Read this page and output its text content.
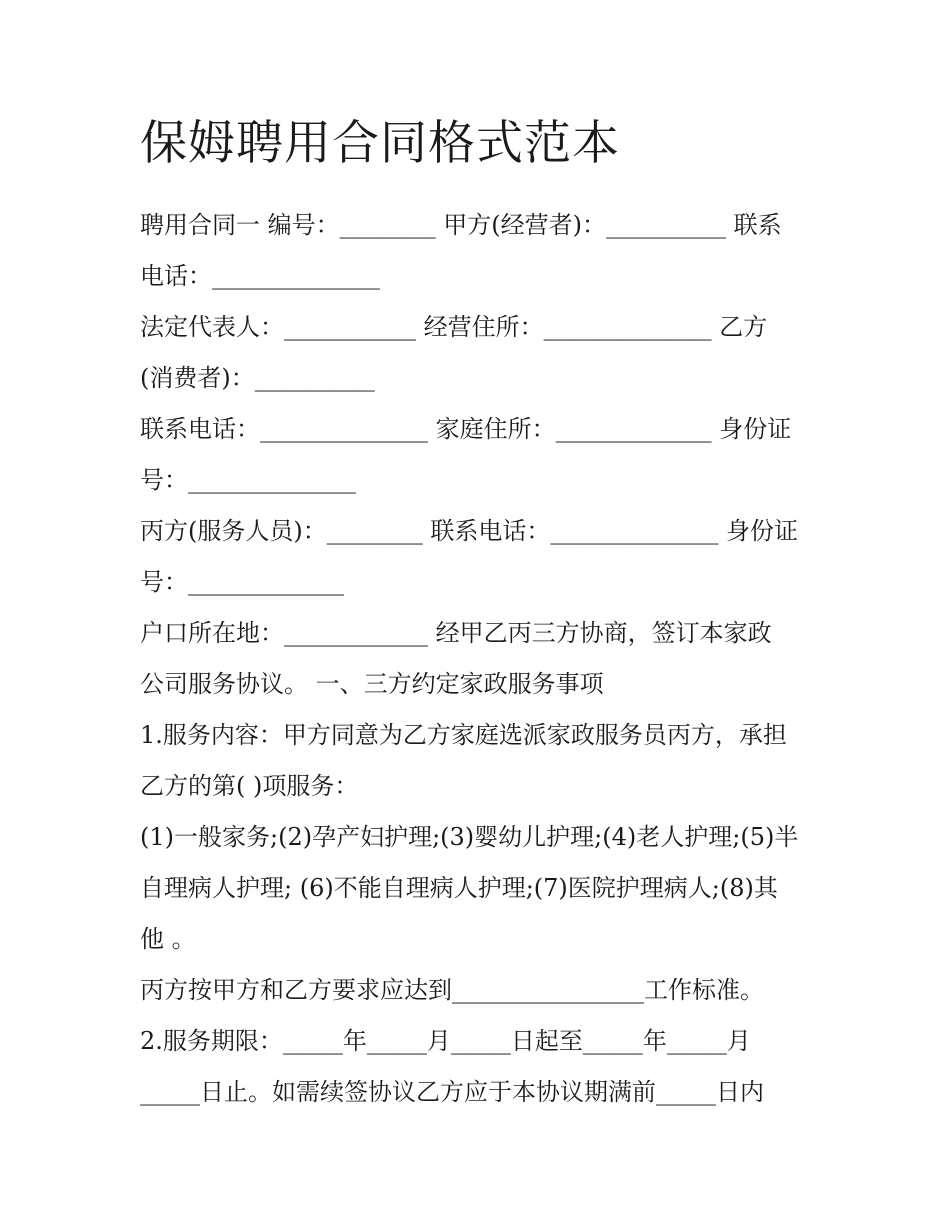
保姆聘用合同格式范本
聘用合同一 编号：________ 甲方(经营者)：__________ 联系
电话：______________
法定代表人：___________ 经营住所：______________ 乙方
(消费者)：__________
联系电话：______________ 家庭住所：_____________ 身份证
号：______________
丙方(服务人员)：________ 联系电话：______________ 身份证
号：_____________
户口所在地：____________ 经甲乙丙三方协商，签订本家政
公司服务协议。 一、三方约定家政服务事项
1.服务内容：甲方同意为乙方家庭选派家政服务员丙方，承担
乙方的第( )项服务：
(1)一般家务;(2)孕产妇护理;(3)婴幼儿护理;(4)老人护理;(5)半
自理病人护理; (6)不能自理病人护理;(7)医院护理病人;(8)其
他 。
丙方按甲方和乙方要求应达到________________工作标准。
2.服务期限：_____年_____月_____日起至_____年_____月
_____日止。如需续签协议乙方应于本协议期满前_____日内
